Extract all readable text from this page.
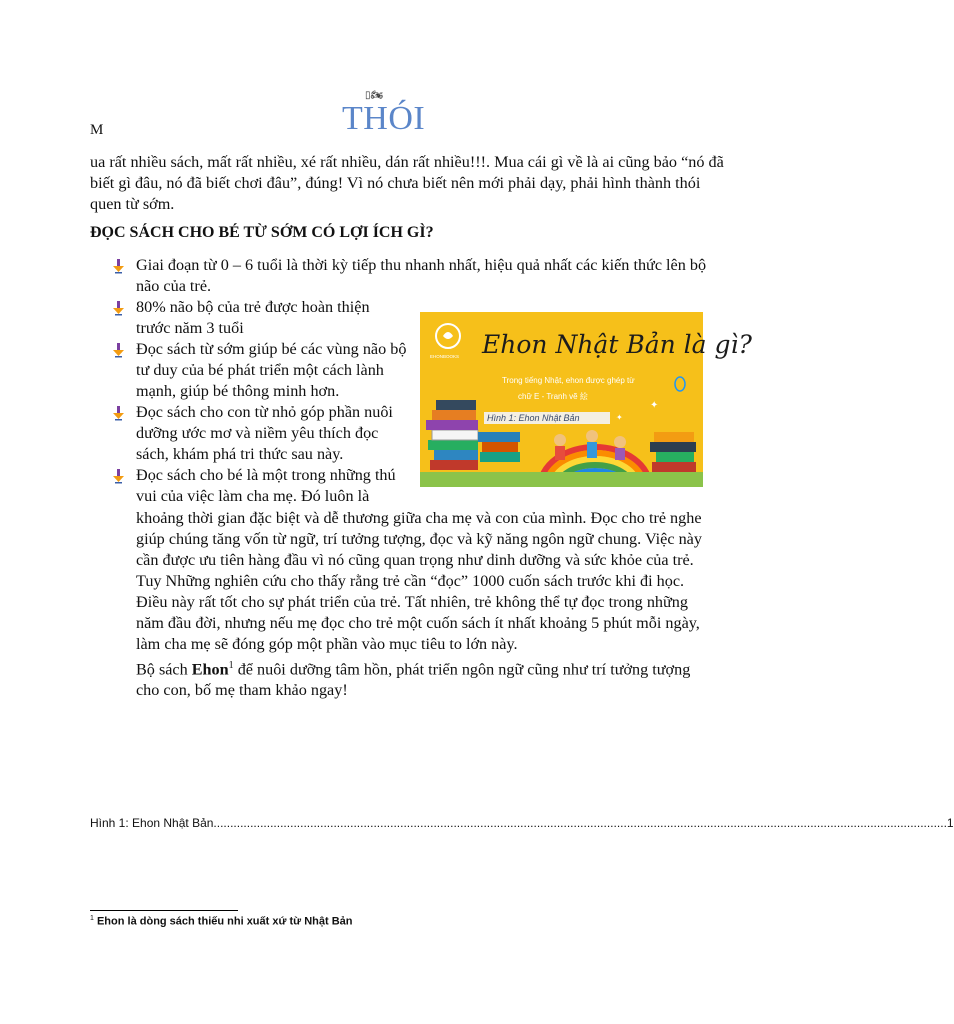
▯🏍
THÓI
M
ua rất nhiều sách, mất rất nhiều, xé rất nhiều, dán rất nhiều!!!. Mua cái gì về là ai cũng bảo “nó đã biết gì đâu, nó đã biết chơi đâu”, đúng! Vì nó chưa biết nên mới phải dạy, phải hình thành thói quen từ sớm.
ĐỌC SÁCH CHO BÉ TỪ SỚM CÓ LỢI ÍCH GÌ?
Giai đoạn từ 0 – 6 tuổi là thời kỳ tiếp thu nhanh nhất, hiệu quả nhất các kiến thức lên bộ
não của trẻ.
80% não bộ của trẻ được hoàn thiện
trước năm 3 tuổi
Đọc sách từ sớm giúp bé các vùng não bộ
tư duy của bé phát triển một cách lành
mạnh, giúp bé thông minh hơn.
Đọc sách cho con từ nhỏ góp phần nuôi
dưỡng ước mơ và niềm yêu thích đọc
sách, khám phá tri thức sau này.
Đọc sách cho bé là một trong những thú
vui của việc làm cha mẹ. Đó luôn là
✦
✦
EHONBOOKS Ehon Nhật Bản là gì?
Trong tiếng Nhật, ehon được ghép từ
chữ E - Tranh vẽ 絵
Hình 1: Ehon Nhật Bản
khoảng thời gian đặc biệt và dễ thương giữa cha mẹ và con của mình. Đọc cho trẻ nghe
giúp chúng tăng vốn từ ngữ, trí tưởng tượng, đọc và kỹ năng ngôn ngữ chung. Việc này
cần được ưu tiên hàng đầu vì nó cũng quan trọng như dinh dưỡng và sức khỏe của trẻ.
Tuy Những nghiên cứu cho thấy rằng trẻ cần “đọc” 1000 cuốn sách trước khi đi học.
Điều này rất tốt cho sự phát triển của trẻ. Tất nhiên, trẻ không thể tự đọc trong những
năm đầu đời, nhưng nếu mẹ đọc cho trẻ một cuốn sách ít nhất khoảng 5 phút mỗi ngày,
làm cha mẹ sẽ đóng góp một phần vào mục tiêu to lớn này.
Bộ sách Ehon$^1$ để nuôi dưỡng tâm hồn, phát triển ngôn ngữ cũng như trí tưởng tượng
cho con, bố mẹ tham khảo ngay!
Hình 1: Ehon Nhật Bản ............................................................................................................................................................................................................................ 1
$^1$ Ehon là dòng sách thiếu nhi xuất xứ từ Nhật Bản
